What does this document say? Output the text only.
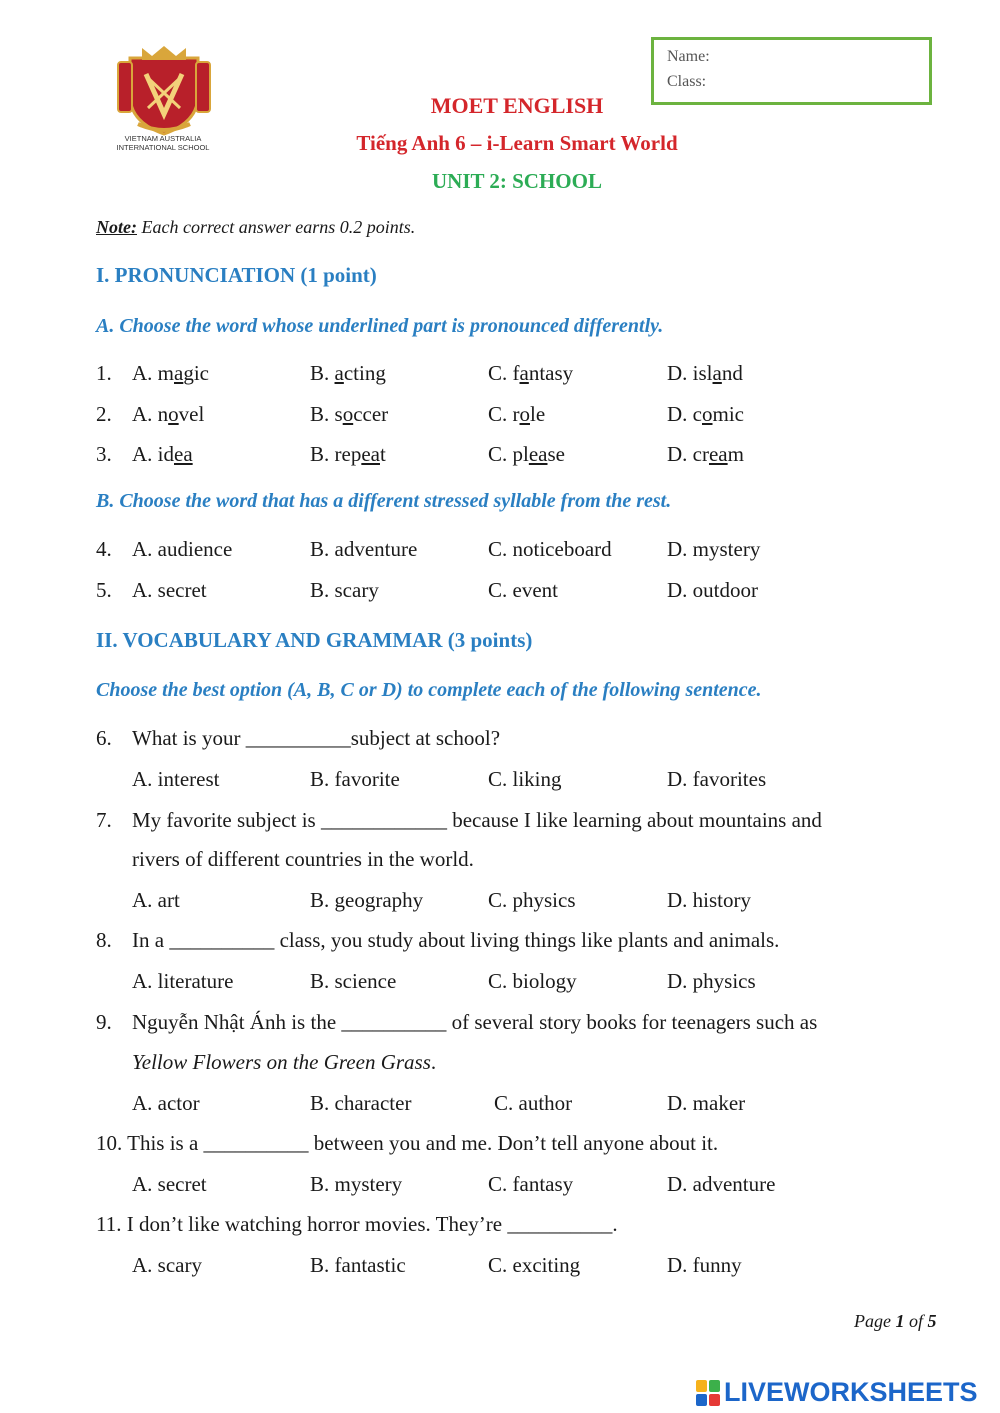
VIETNAM AUSTRALIA
INTERNATIONAL SCHOOL
Name:
Class:
MOET ENGLISH
Tiếng Anh 6 – i-Learn Smart World
UNIT 2: SCHOOL
Note: Each correct answer earns 0.2 points.
I. PRONUNCIATION (1 point)
A. Choose the word whose underlined part is pronounced differently.
1. A. magic	B. acting	C. fantasy	D. island
2. A. novel	B. soccer	C. role	D. comic
3. A. idea	B. repeat	C. please	D. cream
B. Choose the word that has a different stressed syllable from the rest.
4. A. audience	B. adventure	C. noticeboard	D. mystery
5. A. secret	B. scary	C. event	D. outdoor
II. VOCABULARY AND GRAMMAR (3 points)
Choose the best option (A, B, C or D) to complete each of the following sentence.
6. What is your __________subject at school?
A. interest	B. favorite	C. liking	D. favorites
7. My favorite subject is ____________ because I like learning about mountains and
rivers of different countries in the world.
A. art	B. geography	C. physics	D. history
8. In a __________ class, you study about living things like plants and animals.
A. literature	B. science	C. biology	D. physics
9. Nguyễn Nhật Ánh is the __________ of several story books for teenagers such as
Yellow Flowers on the Green Grass.
A. actor	B. character	C. author	D. maker
10. This is a __________ between you and me. Don’t tell anyone about it.
A. secret	B. mystery	C. fantasy	D. adventure
11. I don’t like watching horror movies. They’re __________.
A. scary	B. fantastic	C. exciting	D. funny
Page 1 of 5
LIVEWORKSHEETS
